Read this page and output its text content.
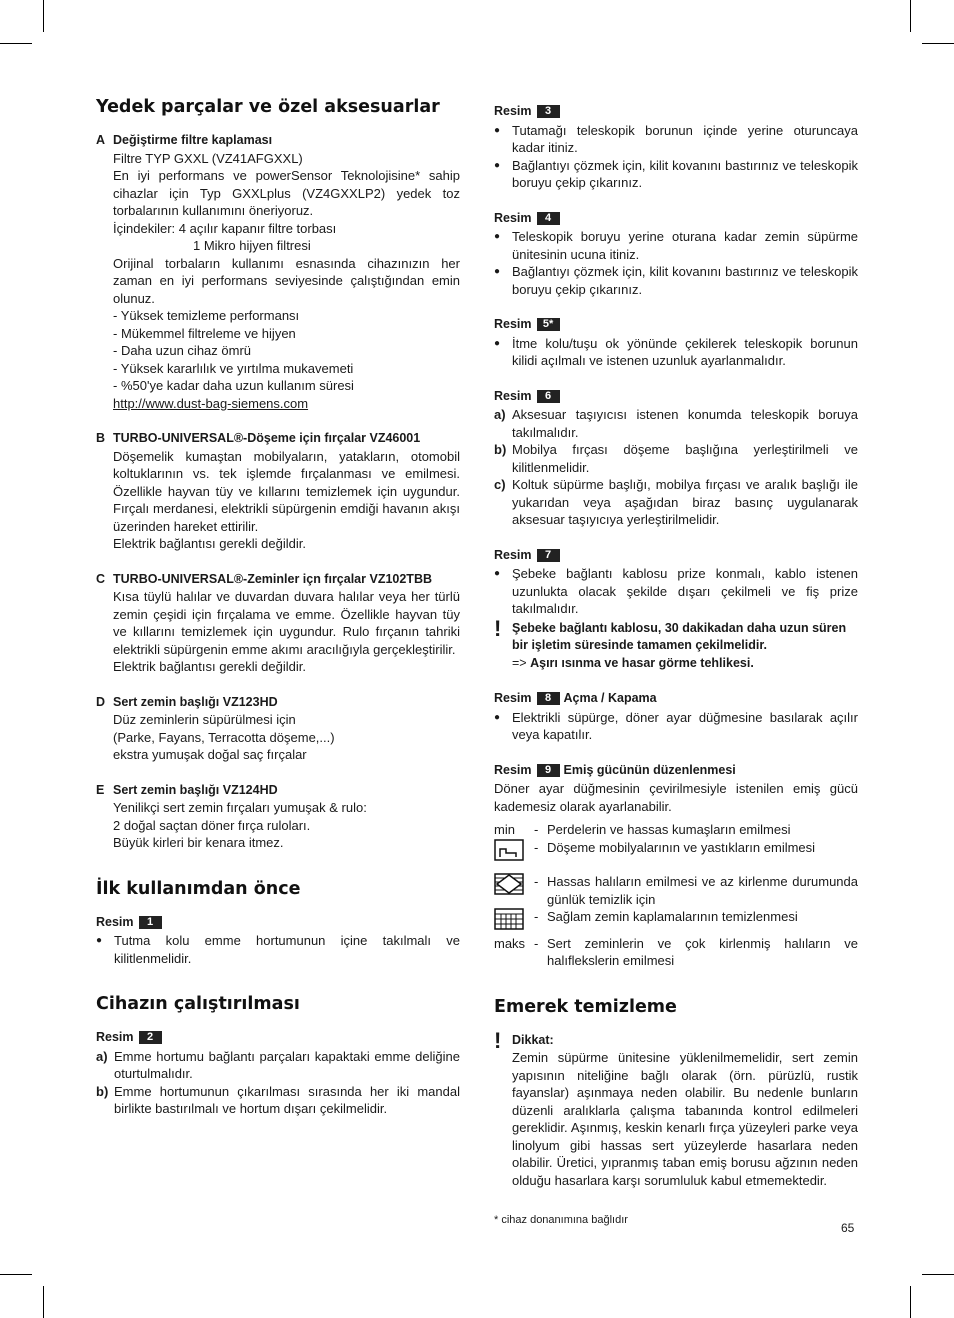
Yedek parçalar ve özel aksesuarlar
A Değiştirme filtre kaplaması

Filtre TYP GXXL (VZ41AFGXXL)

En iyi performans ve powerSensor Teknolojisine* sahip cihazlar için Typ GXXLplus (VZ4GXXLP2) yedek toz torbalarının kullanımını öneriyoruz.

İçindekiler: 4 açılır kapanır filtre torbası

1 Mikro hijyen filtresi

Orijinal torbaların kullanımı esnasında cihazınızın her zaman en iyi performans seviyesinde çalıştığından emin olunuz.

- Yüksek temizleme performansı

- Mükemmel filtreleme ve hijyen

- Daha uzun cihaz ömrü

- Yüksek kararlılık ve yırtılma mukavemeti

- %50'ye kadar daha uzun kullanım süresi

http://www.dust-bag-siemens.com

B TURBO-UNIVERSAL®-Döşeme için fırçalar VZ46001

Döşemelik kumaştan mobilyaların, yatakların, otomobil koltuklarının vs. tek işlemde fırçalanması ve emilmesi. Özellikle hayvan tüy ve kıllarını temizlemek için uygundur. Fırçalı merdanesi, elektrikli süpürgenin emdiği havanın akışı üzerinden hareket ettirilir.

Elektrik bağlantısı gerekli değildir.

C TURBO-UNIVERSAL®-Zeminler içn fırçalar VZ102TBB

Kısa tüylü halılar ve duvardan duvara halılar veya her türlü zemin çeşidi için fırçalama ve emme. Özellikle hayvan tüy ve kıllarını temizlemek için uygundur. Rulo fırçanın tahriki elektrikli süpürgenin emme akımı aracılığıyla gerçekleştirilir.

Elektrik bağlantısı gerekli değildir.

D Sert zemin başlığı VZ123HD

Düz zeminlerin süpürülmesi için

(Parke, Fayans, Terracotta döşeme,...)

ekstra yumuşak doğal saç fırçalar

E Sert zemin başlığı VZ124HD

Yenilikçi sert zemin fırçaları yumuşak & rulo:

2 doğal saçtan döner fırça ruloları.

Büyük kirleri bir kenara itmez.

İlk kullanımdan önce
Resim	1
● Tutma kolu emme hortumunun içine takılmalı ve kilitlenmelidir.
Cihazın çalıştırılması
Resim	2
a) Emme hortumu bağlantı parçaları kapaktaki emme deliğine oturtulmalıdır.
b) Emme hortumunun çıkarılması sırasında her iki mandal birlikte bastırılmalı ve hortum dışarı çekilmelidir.
Resim	3
● Tutamağı teleskopik borunun içinde yerine oturuncaya kadar itiniz.
● Bağlantıyı çözmek için, kilit kovanını bastırınız ve teleskopik boruyu çekip çıkarınız.
Resim	4
● Teleskopik boruyu yerine oturana kadar zemin süpürme ünitesinin ucuna itiniz.
● Bağlantıyı çözmek için, kilit kovanını bastırınız ve teleskopik boruyu çekip çıkarınız.
Resim	5*
● İtme kolu/tuşu ok yönünde çekilerek teleskopik borunun kilidi açılmalı ve istenen uzunluk ayarlanmalıdır.
Resim	6
a) Aksesuar taşıyıcısı istenen konumda teleskopik boruya takılmalıdır.
b) Mobilya fırçası döşeme başlığına yerleştirilmeli ve kilitlenmelidir.
c) Koltuk süpürme başlığı, mobilya fırçası ve aralık başlığı ile yukarıdan veya aşağıdan biraz basınç uygulanarak aksesuar taşıyıcıya yerleştirilmelidir.
Resim	7
● Şebeke bağlantı kablosu prize konmalı, kablo istenen uzunlukta olacak şekilde dışarı çekilmeli ve fiş prize takılmalıdır.
! Şebeke bağlantı kablosu, 30 dakikadan daha uzun süren bir işletim süresinde tamamen çekilmelidir.

=> Aşırı ısınma ve hasar görme tehlikesi.

Resim	8 Açma / Kapama
● Elektrikli süpürge, döner ayar düğmesine basılarak açılır veya kapatılır.
Resim	9 Emiş gücünün düzenlenmesi

Döner ayar düğmesinin çevirilmesiyle istenilen emiş gücü kademesiz olarak ayarlanabilir.

min	- Perdelerin ve hassas kumaşların emilmesi
- Döşeme mobilyalarının ve yastıkların emilmesi
- Hassas halıların emilmesi ve az kirlenme durumunda günlük temizlik için
- Sağlam zemin kaplamalarının temizlenmesi
maks - Sert zeminlerin ve çok kirlenmiş halıların ve halıflekslerin emilmesi
Emerek temizleme
! Dikkat:

Zemin süpürme ünitesine yüklenilmemelidir, sert zemin yapısının niteliğine bağlı olarak (örn. pürüzlü, rustik fayanslar) aşınmaya neden olabilir. Bu nedenle bunların düzenli aralıklarla çalışma tabanında kontrol edilmeleri gereklidir. Aşınmış, keskin kenarlı fırça yüzeyleri parke veya linolyum gibi hassas sert yüzeylerde hasarlara neden olabilir. Üretici, yıpranmış taban emiş borusu ağzının neden olduğu hasarlara karşı sorumluluk kabul etmemektedir.

* cihaz donanımına bağlıdır
65
